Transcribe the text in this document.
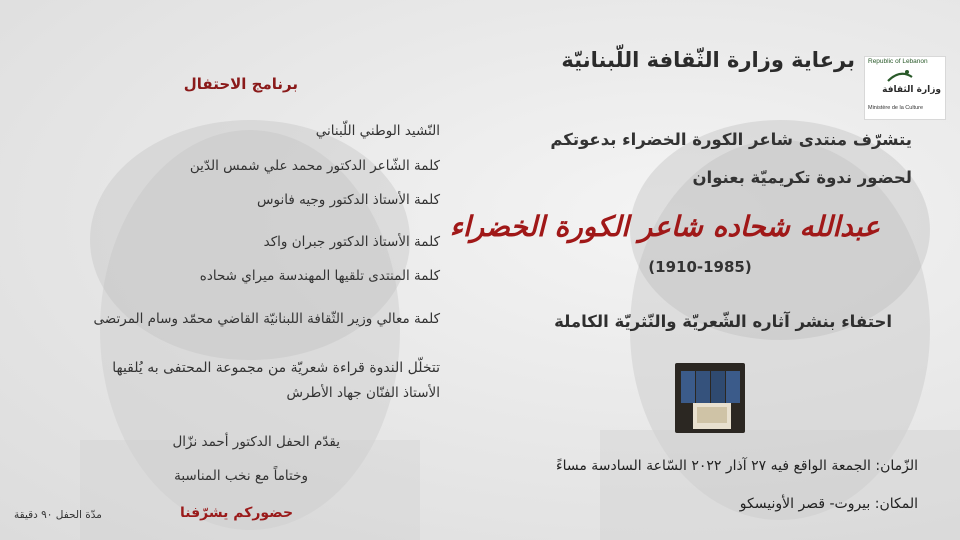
Republic of Lebanon
وزارة الثقافة
Ministère de la Culture
برعاية وزارة الثّقافة اللّبنانيّة
يتشرّف منتدى شاعر الكورة الخضراء بدعوتكم
لحضور ندوة تكريميّة بعنوان
عبدالله شحاده شاعر الكورة الخضراء
(1910-1985)
احتفاء بنشر آثاره الشّعريّة والنّثريّة الكاملة
الزّمان: الجمعة الواقع فيه ٢٧ آذار ٢٠٢٢ السّاعة السادسة مساءً
المكان: بيروت- قصر الأونيسكو
برنامج الاحتفال
النّشيد الوطني اللّبناني
كلمة الشّاعر الدكتور محمد علي شمس الدّين
كلمة الأستاذ الدكتور وجيه فانوس
كلمة الأستاذ الدكتور جبران واكد
كلمة المنتدى تلقيها المهندسة ميراي شحاده
كلمة معالي وزير الثّقافة اللبنانيّة القاضي محمّد وسام المرتضى
تتخلّل الندوة قراءة شعريّة من مجموعة المحتفى به يُلقيها
الأستاذ الفنّان جهاد الأطرش
يقدّم الحفل الدكتور أحمد نزّال
وختاماً مع نخب المناسبة
حضوركم يشرّفنا
مدّة الحفل ٩٠ دقيقة
